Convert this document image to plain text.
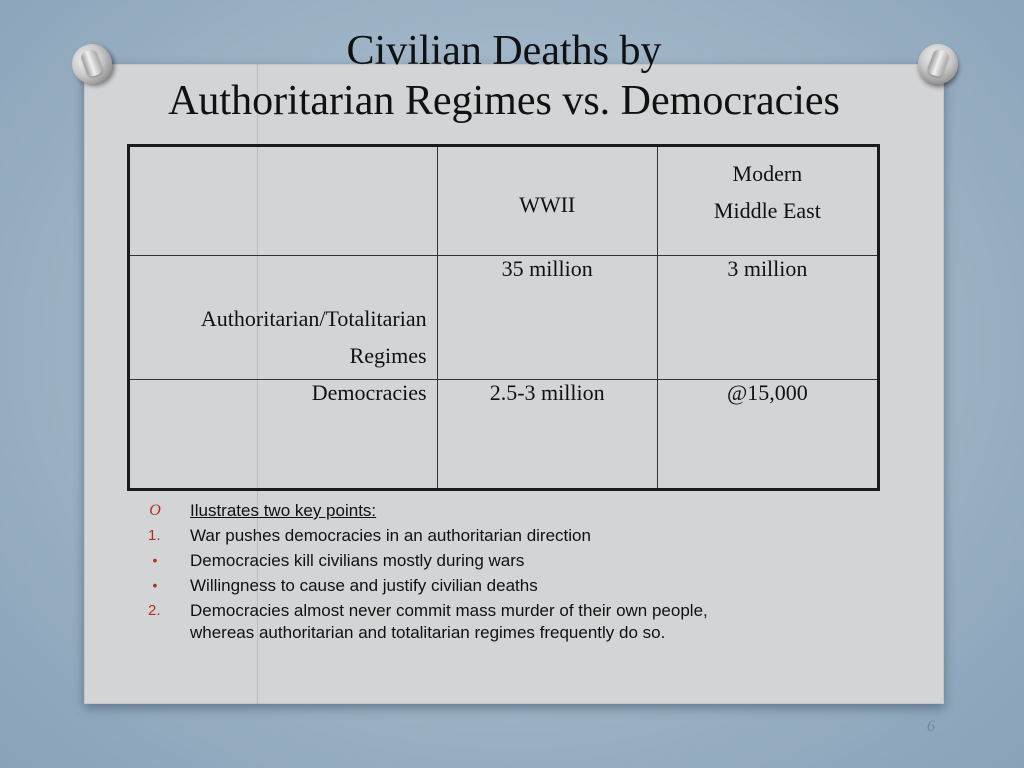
Civilian Deaths by
Authoritarian Regimes vs. Democracies
	WWII	Modern
Middle East

Authoritarian/Totalitarian
Regimes	35 million	3 million
Democracies	2.5-3 million	@15,000
O	Ilustrates two key points:
1.	War pushes democracies in an authoritarian direction
•	Democracies kill civilians mostly during wars
•	Willingness to cause and justify civilian deaths
2.	Democracies almost never commit mass murder of their own people,
whereas authoritarian and totalitarian regimes frequently do so.
6
